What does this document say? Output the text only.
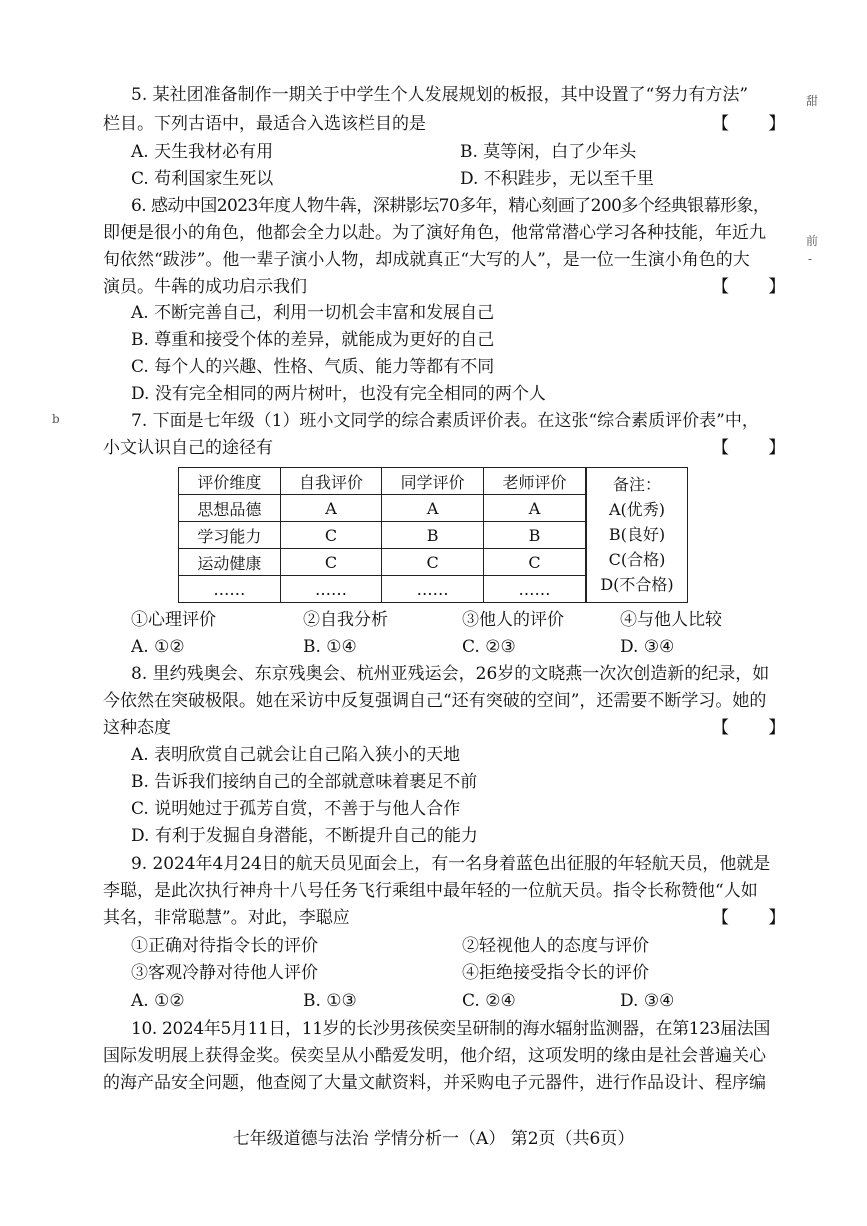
甜
前
-
b
5. 某社团准备制作一期关于中学生个人发展规划的板报，其中设置了“努力有方法”
栏目。下列古语中，最适合入选该栏目的是	【      】
A. 天生我材必有用	B. 莫等闲，白了少年头
C. 苟利国家生死以	D. 不积跬步，无以至千里
6. 感动中国2023年度人物牛犇，深耕影坛70多年，精心刻画了200多个经典银幕形象，
即便是很小的角色，他都会全力以赴。为了演好角色，他常常潜心学习各种技能，年近九
旬依然“跋涉”。他一辈子演小人物，却成就真正“大写的人”，是一位一生演小角色的大
演员。牛犇的成功启示我们	【      】
A. 不断完善自己，利用一切机会丰富和发展自己
B. 尊重和接受个体的差异，就能成为更好的自己
C. 每个人的兴趣、性格、气质、能力等都有不同
D. 没有完全相同的两片树叶，也没有完全相同的两个人
7. 下面是七年级（1）班小文同学的综合素质评价表。在这张“综合素质评价表”中，
小文认识自己的途径有	【      】
评价维度	自我评价	同学评价	老师评价	备注：
A(优秀)
B(良好)
C(合格)
D(不合格)

思想品德	A	A	A	
学习能力	C	B	B	
运动健康	C	C	C	
……	……	……	……	
①心理评价	②自我分析	③他人的评价	④与他人比较
A. ①②	B. ①④	C. ②③	D. ③④
8. 里约残奥会、东京残奥会、杭州亚残运会，26岁的文晓燕一次次创造新的纪录，如
今依然在突破极限。她在采访中反复强调自己“还有突破的空间”，还需要不断学习。她的
这种态度	【      】
A. 表明欣赏自己就会让自己陷入狭小的天地
B. 告诉我们接纳自己的全部就意味着裹足不前
C. 说明她过于孤芳自赏，不善于与他人合作
D. 有利于发掘自身潜能，不断提升自己的能力
9. 2024年4月24日的航天员见面会上，有一名身着蓝色出征服的年轻航天员，他就是
李聪，是此次执行神舟十八号任务飞行乘组中最年轻的一位航天员。指令长称赞他“人如
其名，非常聪慧”。对此，李聪应	【      】
①正确对待指令长的评价	②轻视他人的态度与评价
③客观冷静对待他人评价	④拒绝接受指令长的评价
A. ①②	B. ①③	C. ②④	D. ③④
10. 2024年5月11日，11岁的长沙男孩侯奕呈研制的海水辐射监测器，在第123届法国
国际发明展上获得金奖。侯奕呈从小酷爱发明，他介绍，这项发明的缘由是社会普遍关心
的海产品安全问题，他查阅了大量文献资料，并采购电子元器件，进行作品设计、程序编
七年级道德与法治 学情分析一（A） 第2页（共6页）
